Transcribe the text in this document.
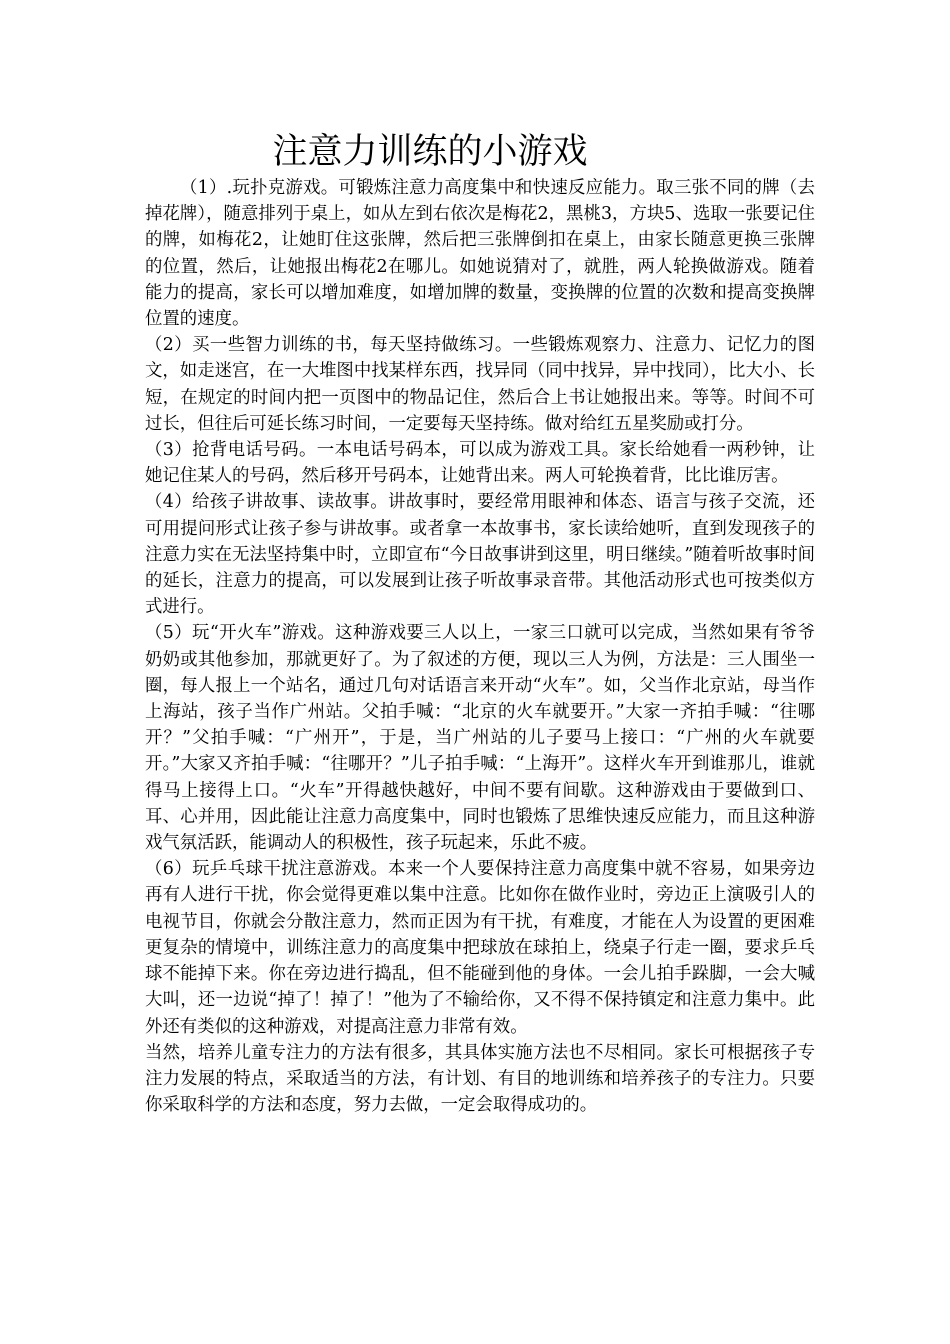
注意力训练的小游戏

（1）.玩扑克游戏。可锻炼注意力高度集中和快速反应能力。取三张不同的牌（去掉花牌），随意排列于桌上，如从左到右依次是梅花2，黑桃3，方块5、选取一张要记住的牌，如梅花2，让她盯住这张牌，然后把三张牌倒扣在桌上，由家长随意更换三张牌的位置，然后，让她报出梅花2在哪儿。如她说猜对了，就胜，两人轮换做游戏。随着能力的提高，家长可以增加难度，如增加牌的数量，变换牌的位置的次数和提高变换牌位置的速度。

（2）买一些智力训练的书，每天坚持做练习。一些锻炼观察力、注意力、记忆力的图文，如走迷宫，在一大堆图中找某样东西，找异同（同中找异，异中找同），比大小、长短，在规定的时间内把一页图中的物品记住，然后合上书让她报出来。等等。时间不可过长，但往后可延长练习时间，一定要每天坚持练。做对给红五星奖励或打分。

（3）抢背电话号码。一本电话号码本，可以成为游戏工具。家长给她看一两秒钟，让她记住某人的号码，然后移开号码本，让她背出来。两人可轮换着背，比比谁厉害。

（4）给孩子讲故事、读故事。讲故事时，要经常用眼神和体态、语言与孩子交流，还可用提问形式让孩子参与讲故事。或者拿一本故事书，家长读给她听，直到发现孩子的注意力实在无法坚持集中时，立即宣布“今日故事讲到这里，明日继续。”随着听故事时间的延长，注意力的提高，可以发展到让孩子听故事录音带。其他活动形式也可按类似方式进行。

（5）玩“开火车”游戏。这种游戏要三人以上，一家三口就可以完成，当然如果有爷爷奶奶或其他参加，那就更好了。为了叙述的方便，现以三人为例，方法是：三人围坐一圈，每人报上一个站名，通过几句对话语言来开动“火车”。如，父当作北京站，母当作上海站，孩子当作广州站。父拍手喊：“北京的火车就要开。”大家一齐拍手喊：“往哪开？”父拍手喊：“广州开”，于是，当广州站的儿子要马上接口：“广州的火车就要开。”大家又齐拍手喊：“往哪开？”儿子拍手喊：“上海开”。这样火车开到谁那儿，谁就得马上接得上口。“火车”开得越快越好，中间不要有间歇。这种游戏由于要做到口、耳、心并用，因此能让注意力高度集中，同时也锻炼了思维快速反应能力，而且这种游戏气氛活跃，能调动人的积极性，孩子玩起来，乐此不疲。

（6）玩乒乓球干扰注意游戏。本来一个人要保持注意力高度集中就不容易，如果旁边再有人进行干扰，你会觉得更难以集中注意。比如你在做作业时，旁边正上演吸引人的电视节目，你就会分散注意力，然而正因为有干扰，有难度，才能在人为设置的更困难更复杂的情境中，训练注意力的高度集中把球放在球拍上，绕桌子行走一圈，要求乒乓球不能掉下来。你在旁边进行捣乱，但不能碰到他的身体。一会儿拍手跺脚，一会大喊大叫，还一边说“掉了！掉了！”他为了不输给你，又不得不保持镇定和注意力集中。此外还有类似的这种游戏，对提高注意力非常有效。

当然，培养儿童专注力的方法有很多，其具体实施方法也不尽相同。家长可根据孩子专注力发展的特点，采取适当的方法，有计划、有目的地训练和培养孩子的专注力。只要你采取科学的方法和态度，努力去做，一定会取得成功的。
